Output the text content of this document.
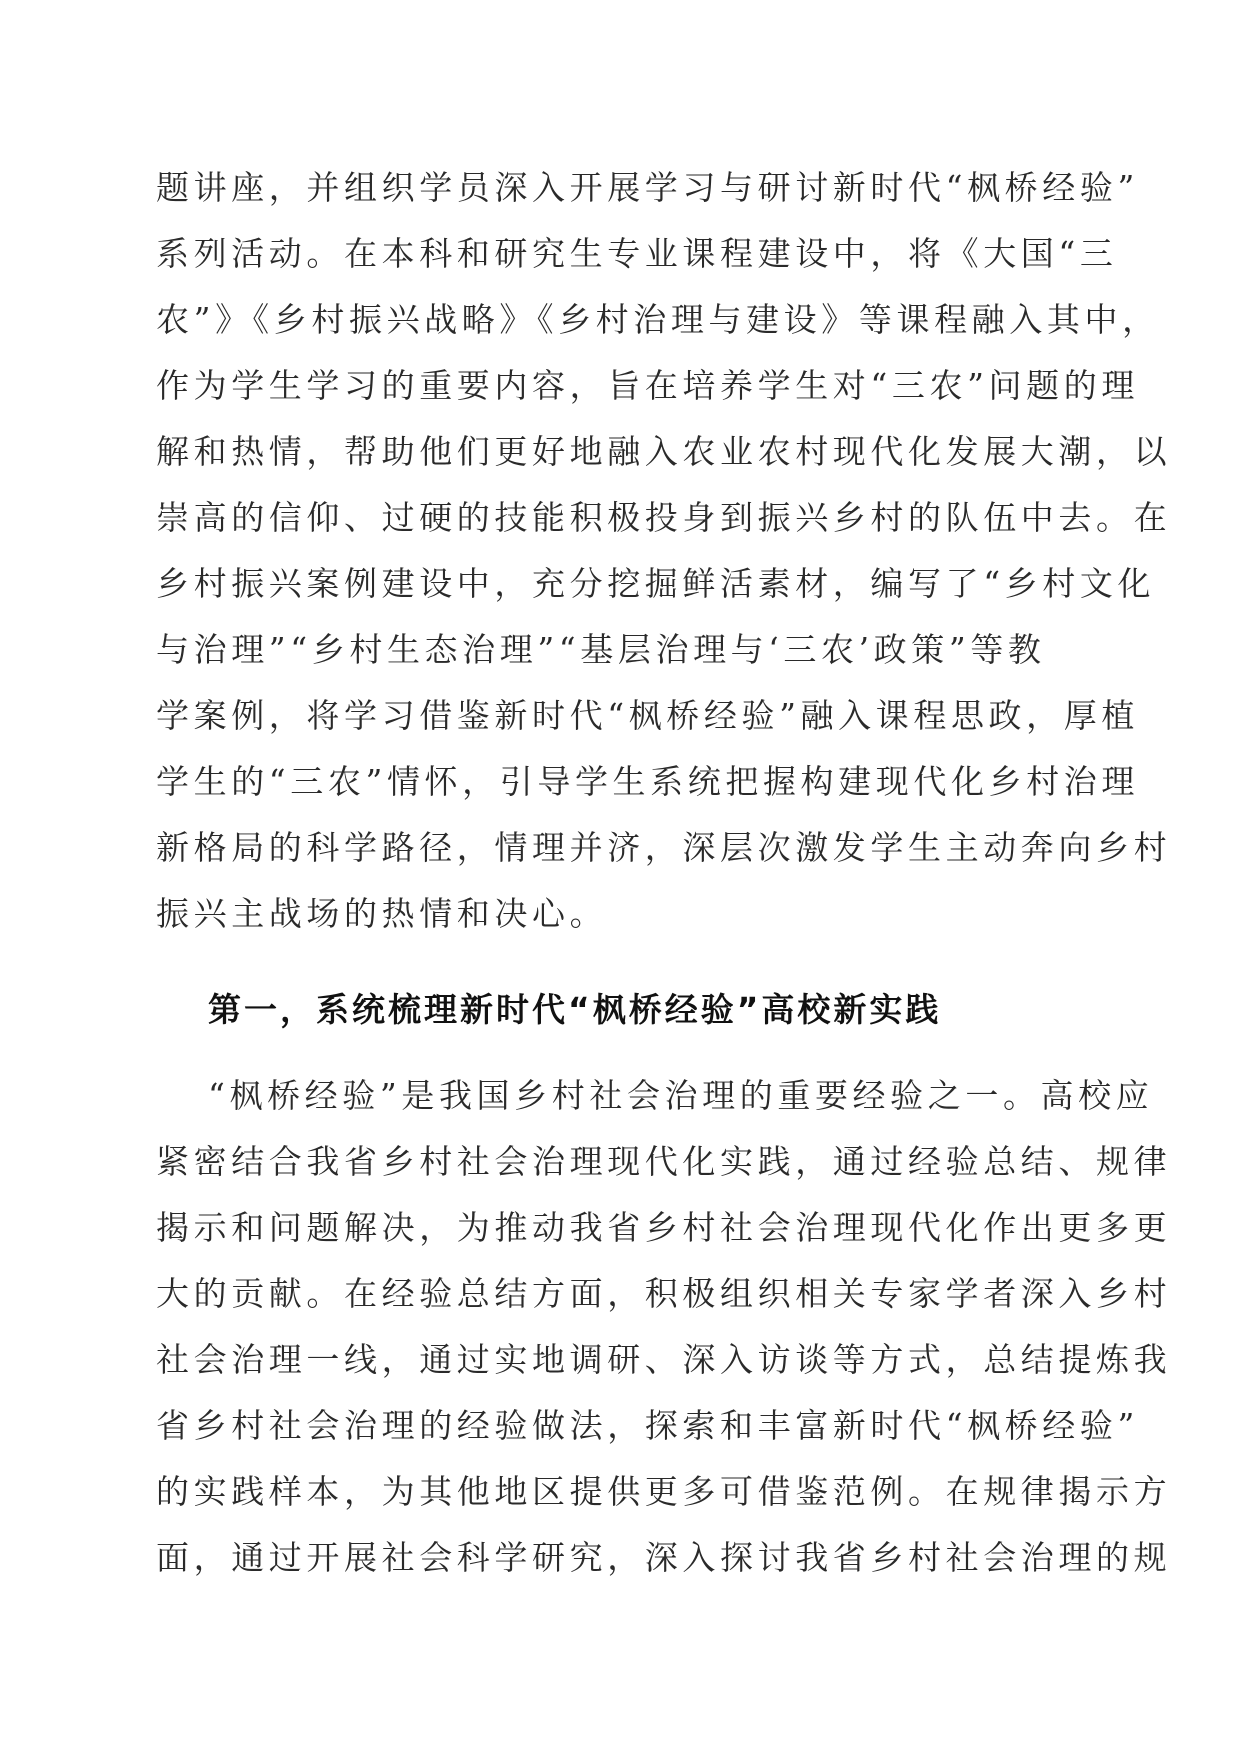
题讲座，并组织学员深入开展学习与研讨新时代“枫桥经验”
系列活动。在本科和研究生专业课程建设中，将《大国“三
农”》《乡村振兴战略》《乡村治理与建设》等课程融入其中，
作为学生学习的重要内容，旨在培养学生对“三农”问题的理
解和热情，帮助他们更好地融入农业农村现代化发展大潮，以
崇高的信仰、过硬的技能积极投身到振兴乡村的队伍中去。在
乡村振兴案例建设中，充分挖掘鲜活素材，编写了“乡村文化
与治理”“乡村生态治理”“基层治理与‘三农’政策”等教
学案例，将学习借鉴新时代“枫桥经验”融入课程思政，厚植
学生的“三农”情怀，引导学生系统把握构建现代化乡村治理
新格局的科学路径，情理并济，深层次激发学生主动奔向乡村
振兴主战场的热情和决心。
第一，系统梳理新时代“枫桥经验”高校新实践
“枫桥经验”是我国乡村社会治理的重要经验之一。高校应
紧密结合我省乡村社会治理现代化实践，通过经验总结、规律
揭示和问题解决，为推动我省乡村社会治理现代化作出更多更
大的贡献。在经验总结方面，积极组织相关专家学者深入乡村
社会治理一线，通过实地调研、深入访谈等方式，总结提炼我
省乡村社会治理的经验做法，探索和丰富新时代“枫桥经验”
的实践样本，为其他地区提供更多可借鉴范例。在规律揭示方
面，通过开展社会科学研究，深入探讨我省乡村社会治理的规
